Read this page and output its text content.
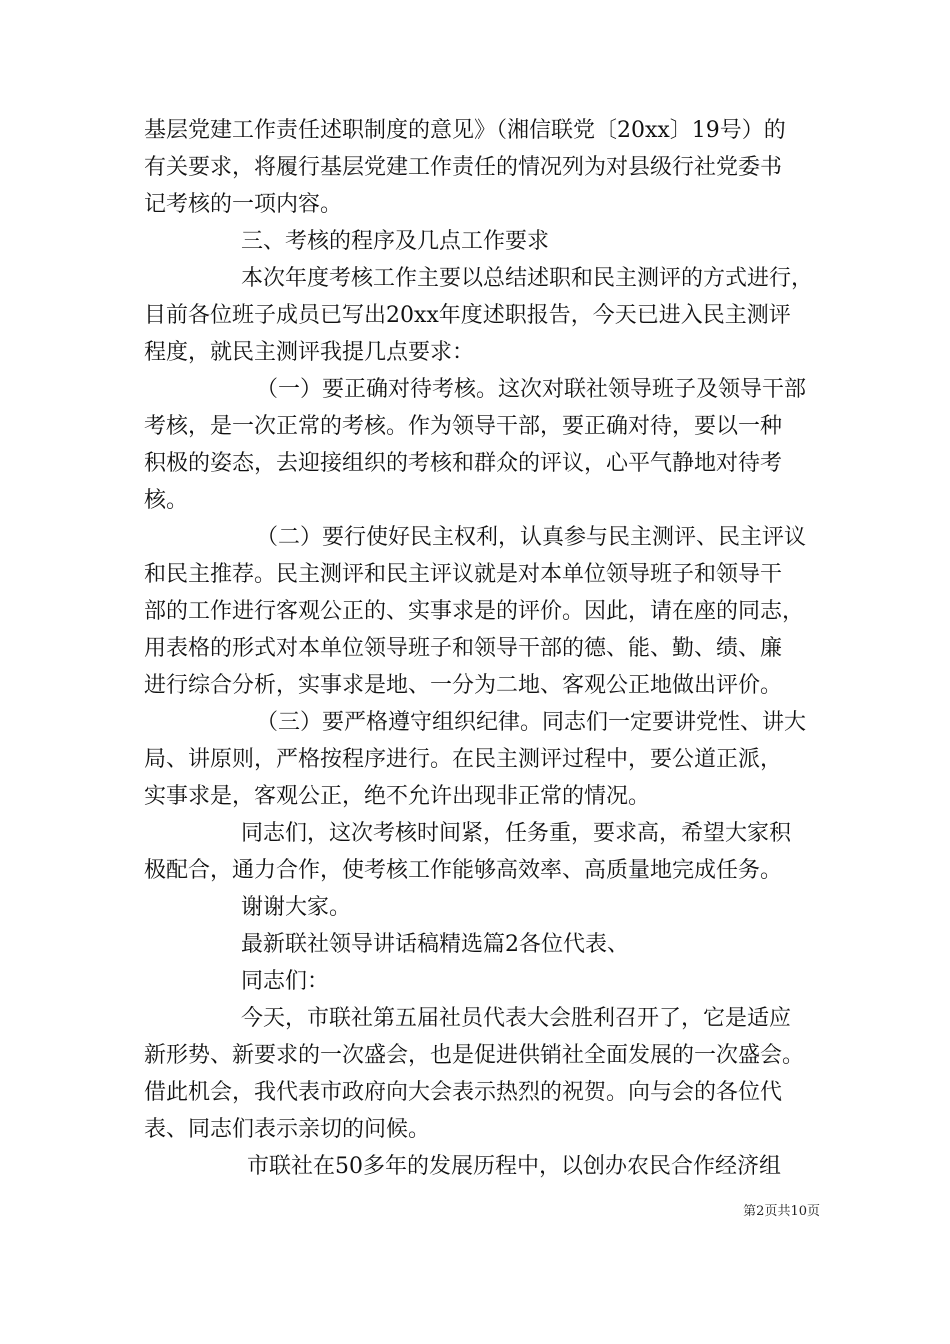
基层党建工作责任述职制度的意见》（湘信联党〔20xx〕19号）的
有关要求，将履行基层党建工作责任的情况列为对县级行社党委书
记考核的一项内容。
三、考核的程序及几点工作要求
本次年度考核工作主要以总结述职和民主测评的方式进行，
目前各位班子成员已写出20xx年度述职报告，今天已进入民主测评
程度，就民主测评我提几点要求：
（一）要正确对待考核。这次对联社领导班子及领导干部
考核，是一次正常的考核。作为领导干部，要正确对待，要以一种
积极的姿态，去迎接组织的考核和群众的评议，心平气静地对待考
核。
（二）要行使好民主权利，认真参与民主测评、民主评议
和民主推荐。民主测评和民主评议就是对本单位领导班子和领导干
部的工作进行客观公正的、实事求是的评价。因此，请在座的同志，
用表格的形式对本单位领导班子和领导干部的德、能、勤、绩、廉
进行综合分析，实事求是地、一分为二地、客观公正地做出评价。
（三）要严格遵守组织纪律。同志们一定要讲党性、讲大
局、讲原则，严格按程序进行。在民主测评过程中，要公道正派，
实事求是，客观公正，绝不允许出现非正常的情况。
同志们，这次考核时间紧，任务重，要求高，希望大家积
极配合，通力合作，使考核工作能够高效率、高质量地完成任务。
谢谢大家。
最新联社领导讲话稿精选篇2各位代表、
同志们：
今天，市联社第五届社员代表大会胜利召开了，它是适应
新形势、新要求的一次盛会，也是促进供销社全面发展的一次盛会。
借此机会，我代表市政府向大会表示热烈的祝贺。向与会的各位代
表、同志们表示亲切的问候。
市联社在50多年的发展历程中，以创办农民合作经济组
第2页共10页
